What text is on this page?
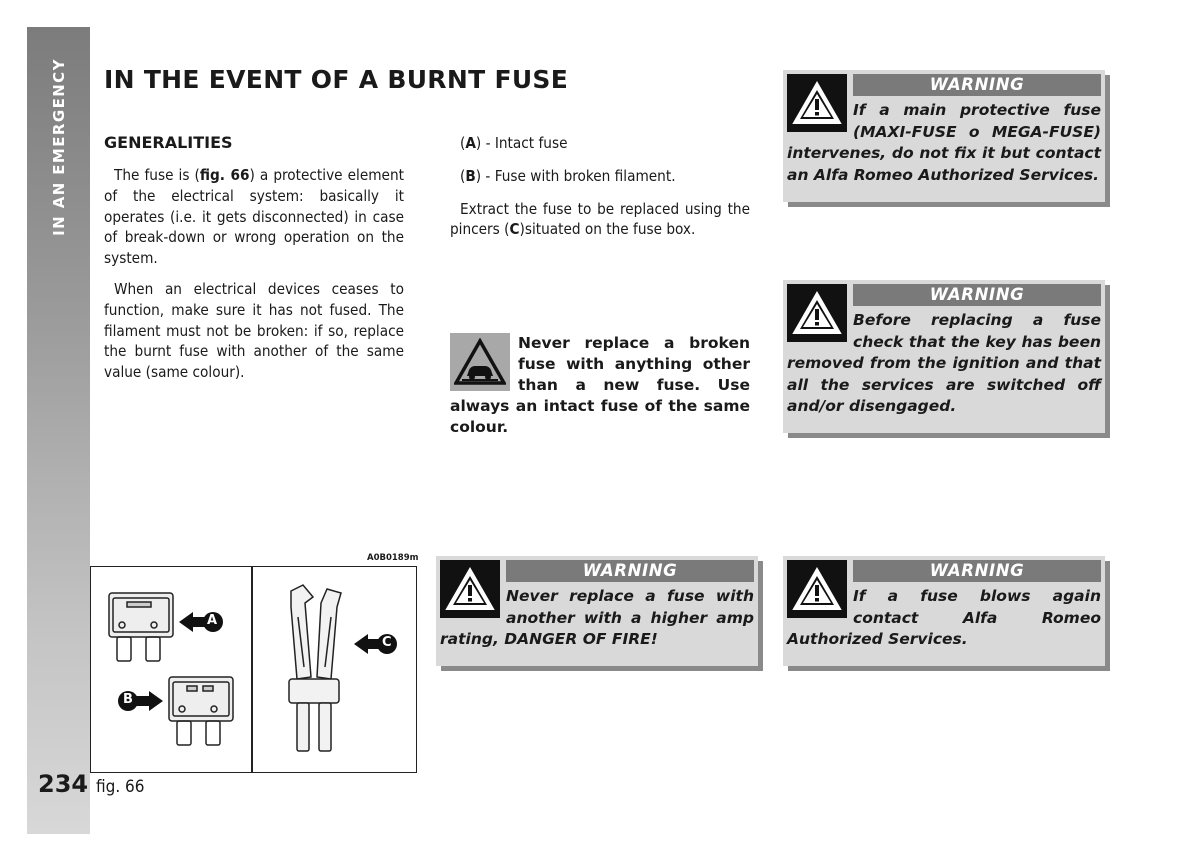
IN AN EMERGENCY
234
IN THE EVENT OF A BURNT FUSE
GENERALITIES

The fuse is (fig. 66) a protective element of the electrical system: basically it operates (i.e. it gets disconnected) in case of break-down or wrong operation on the system.

When an electrical devices ceases to function, make sure it has not fused. The filament must not be broken: if so, replace the burnt fuse with another of the same value (same colour).

(A) - Intact fuse

(B) - Fuse with broken filament.

Extract the fuse to be replaced using the pincers (C)situated on the fuse box.

Never replace a broken fuse with anything other than a new fuse. Use always an intact fuse of the same colour.
WARNING

If a main protective fuse (MAXI-FUSE o MEGA-FUSE) intervenes, do not fix it but contact an Alfa Romeo Authorized Services.

WARNING

Before replacing a fuse check that the key has been removed from the ignition and that all the services are switched off and/or disengaged.

WARNING

Never replace a fuse with another with a higher amp rating, DANGER OF FIRE!

WARNING

If a fuse blows again contact Alfa Romeo Authorized Services.

A0B0189m
A
B
C
fig. 66
